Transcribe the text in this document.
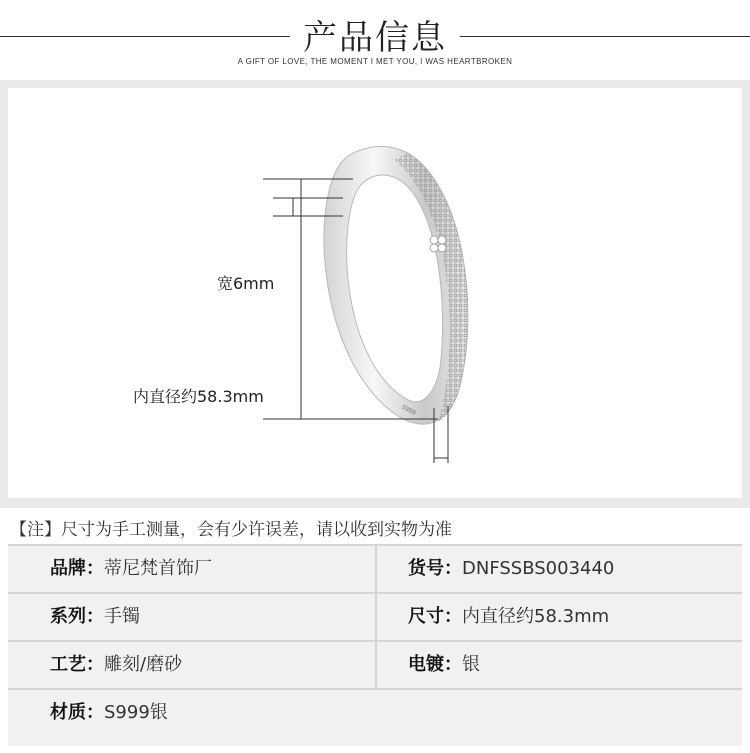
产品信息
A GIFT OF LOVE, THE MOMENT I MET YOU, I WAS HEARTBROKEN
S999
宽6mm
内直径约58.3mm
【注】尺寸为手工测量，会有少许误差，请以收到实物为准
品牌：蒂尼梵首饰厂	货号：DNFSSBS003440
系列：手镯	尺寸：内直径约58.3mm
工艺：雕刻/磨砂	电镀：银
材质：S999银
